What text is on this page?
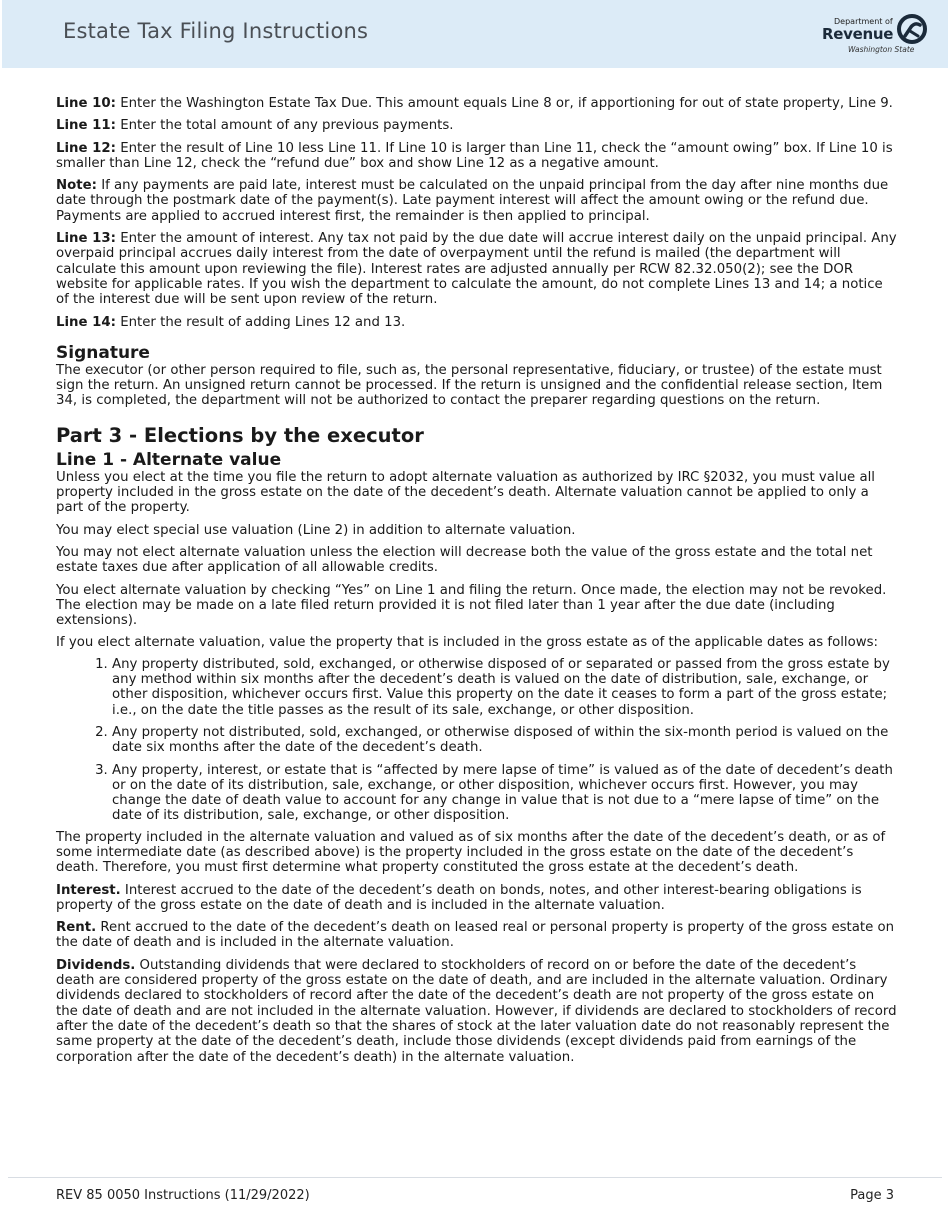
Estate Tax Filing Instructions	Department of
Revenue
Washington State

Line 10: Enter the Washington Estate Tax Due. This amount equals Line 8 or, if apportioning for out of state property, Line 9.

Line 11: Enter the total amount of any previous payments.

Line 12: Enter the result of Line 10 less Line 11. If Line 10 is larger than Line 11, check the “amount owing” box. If Line 10 is smaller than Line 12, check the “refund due” box and show Line 12 as a negative amount.

Note: If any payments are paid late, interest must be calculated on the unpaid principal from the day after nine months due date through the postmark date of the payment(s). Late payment interest will affect the amount owing or the refund due. Payments are applied to accrued interest first, the remainder is then applied to principal.

Line 13: Enter the amount of interest. Any tax not paid by the due date will accrue interest daily on the unpaid principal. Any overpaid principal accrues daily interest from the date of overpayment until the refund is mailed (the department will calculate this amount upon reviewing the file). Interest rates are adjusted annually per RCW 82.32.050(2); see the DOR website for applicable rates. If you wish the department to calculate the amount, do not complete Lines 13 and 14; a notice of the interest due will be sent upon review of the return.

Line 14: Enter the result of adding Lines 12 and 13.

Signature

The executor (or other person required to file, such as, the personal representative, fiduciary, or trustee) of the estate must sign the return. An unsigned return cannot be processed. If the return is unsigned and the confidential release section, Item 34, is completed, the department will not be authorized to contact the preparer regarding questions on the return.

Part 3 - Elections by the executor
Line 1 - Alternate value

Unless you elect at the time you file the return to adopt alternate valuation as authorized by IRC §2032, you must value all property included in the gross estate on the date of the decedent’s death. Alternate valuation cannot be applied to only a part of the property.

You may elect special use valuation (Line 2) in addition to alternate valuation.

You may not elect alternate valuation unless the election will decrease both the value of the gross estate and the total net estate taxes due after application of all allowable credits.

You elect alternate valuation by checking “Yes” on Line 1 and filing the return. Once made, the election may not be revoked. The election may be made on a late filed return provided it is not filed later than 1 year after the due date (including extensions).

If you elect alternate valuation, value the property that is included in the gross estate as of the applicable dates as follows:

1. Any property distributed, sold, exchanged, or otherwise disposed of or separated or passed from the gross estate by any method within six months after the decedent’s death is valued on the date of distribution, sale, exchange, or other disposition, whichever occurs first. Value this property on the date it ceases to form a part of the gross estate; i.e., on the date the title passes as the result of its sale, exchange, or other disposition.
2. Any property not distributed, sold, exchanged, or otherwise disposed of within the six-month period is valued on the date six months after the date of the decedent’s death.
3. Any property, interest, or estate that is “affected by mere lapse of time” is valued as of the date of decedent’s death or on the date of its distribution, sale, exchange, or other disposition, whichever occurs first. However, you may change the date of death value to account for any change in value that is not due to a “mere lapse of time” on the date of its distribution, sale, exchange, or other disposition.

The property included in the alternate valuation and valued as of six months after the date of the decedent’s death, or as of some intermediate date (as described above) is the property included in the gross estate on the date of the decedent’s death. Therefore, you must first determine what property constituted the gross estate at the decedent’s death.

Interest. Interest accrued to the date of the decedent’s death on bonds, notes, and other interest-bearing obligations is property of the gross estate on the date of death and is included in the alternate valuation.

Rent. Rent accrued to the date of the decedent’s death on leased real or personal property is property of the gross estate on the date of death and is included in the alternate valuation.

Dividends. Outstanding dividends that were declared to stockholders of record on or before the date of the decedent’s death are considered property of the gross estate on the date of death, and are included in the alternate valuation. Ordinary dividends declared to stockholders of record after the date of the decedent’s death are not property of the gross estate on the date of death and are not included in the alternate valuation. However, if dividends are declared to stockholders of record after the date of the decedent’s death so that the shares of stock at the later valuation date do not reasonably represent the same property at the date of the decedent’s death, include those dividends (except dividends paid from earnings of the corporation after the date of the decedent’s death) in the alternate valuation.

REV 85 0050 Instructions (11/29/2022)	Page 3
